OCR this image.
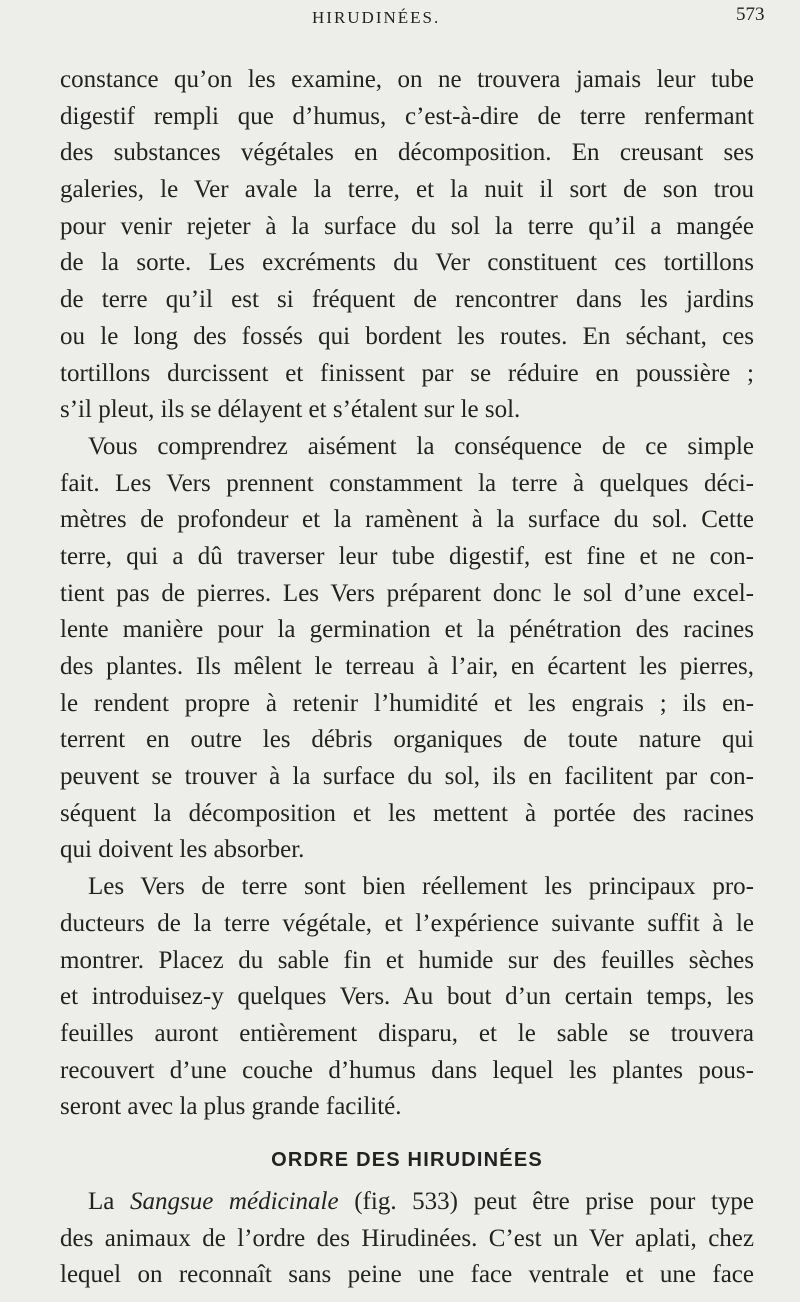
HIRUDINÉES.	573
constance qu’on les examine, on ne trouvera jamais leur tube
digestif rempli que d’humus, c’est-à-dire de terre renfermant
des substances végétales en décomposition. En creusant ses
galeries, le Ver avale la terre, et la nuit il sort de son trou
pour venir rejeter à la surface du sol la terre qu’il a mangée
de la sorte. Les excréments du Ver constituent ces tortillons
de terre qu’il est si fréquent de rencontrer dans les jardins
ou le long des fossés qui bordent les routes. En séchant, ces
tortillons durcissent et finissent par se réduire en poussière ;
s’il pleut, ils se délayent et s’étalent sur le sol.
Vous comprendrez aisément la conséquence de ce simple
fait. Les Vers prennent constamment la terre à quelques déci-
mètres de profondeur et la ramènent à la surface du sol. Cette
terre, qui a dû traverser leur tube digestif, est fine et ne con-
tient pas de pierres. Les Vers préparent donc le sol d’une excel-
lente manière pour la germination et la pénétration des racines
des plantes. Ils mêlent le terreau à l’air, en écartent les pierres,
le rendent propre à retenir l’humidité et les engrais ; ils en-
terrent en outre les débris organiques de toute nature qui
peuvent se trouver à la surface du sol, ils en facilitent par con-
séquent la décomposition et les mettent à portée des racines
qui doivent les absorber.
Les Vers de terre sont bien réellement les principaux pro-
ducteurs de la terre végétale, et l’expérience suivante suffit à le
montrer. Placez du sable fin et humide sur des feuilles sèches
et introduisez-y quelques Vers. Au bout d’un certain temps, les
feuilles auront entièrement disparu, et le sable se trouvera
recouvert d’une couche d’humus dans lequel les plantes pous-
seront avec la plus grande facilité.
ORDRE DES HIRUDINÉES
La Sangsue médicinale (fig. 533) peut être prise pour type
des animaux de l’ordre des Hirudinées. C’est un Ver aplati, chez
lequel on reconnaît sans peine une face ventrale et une face
